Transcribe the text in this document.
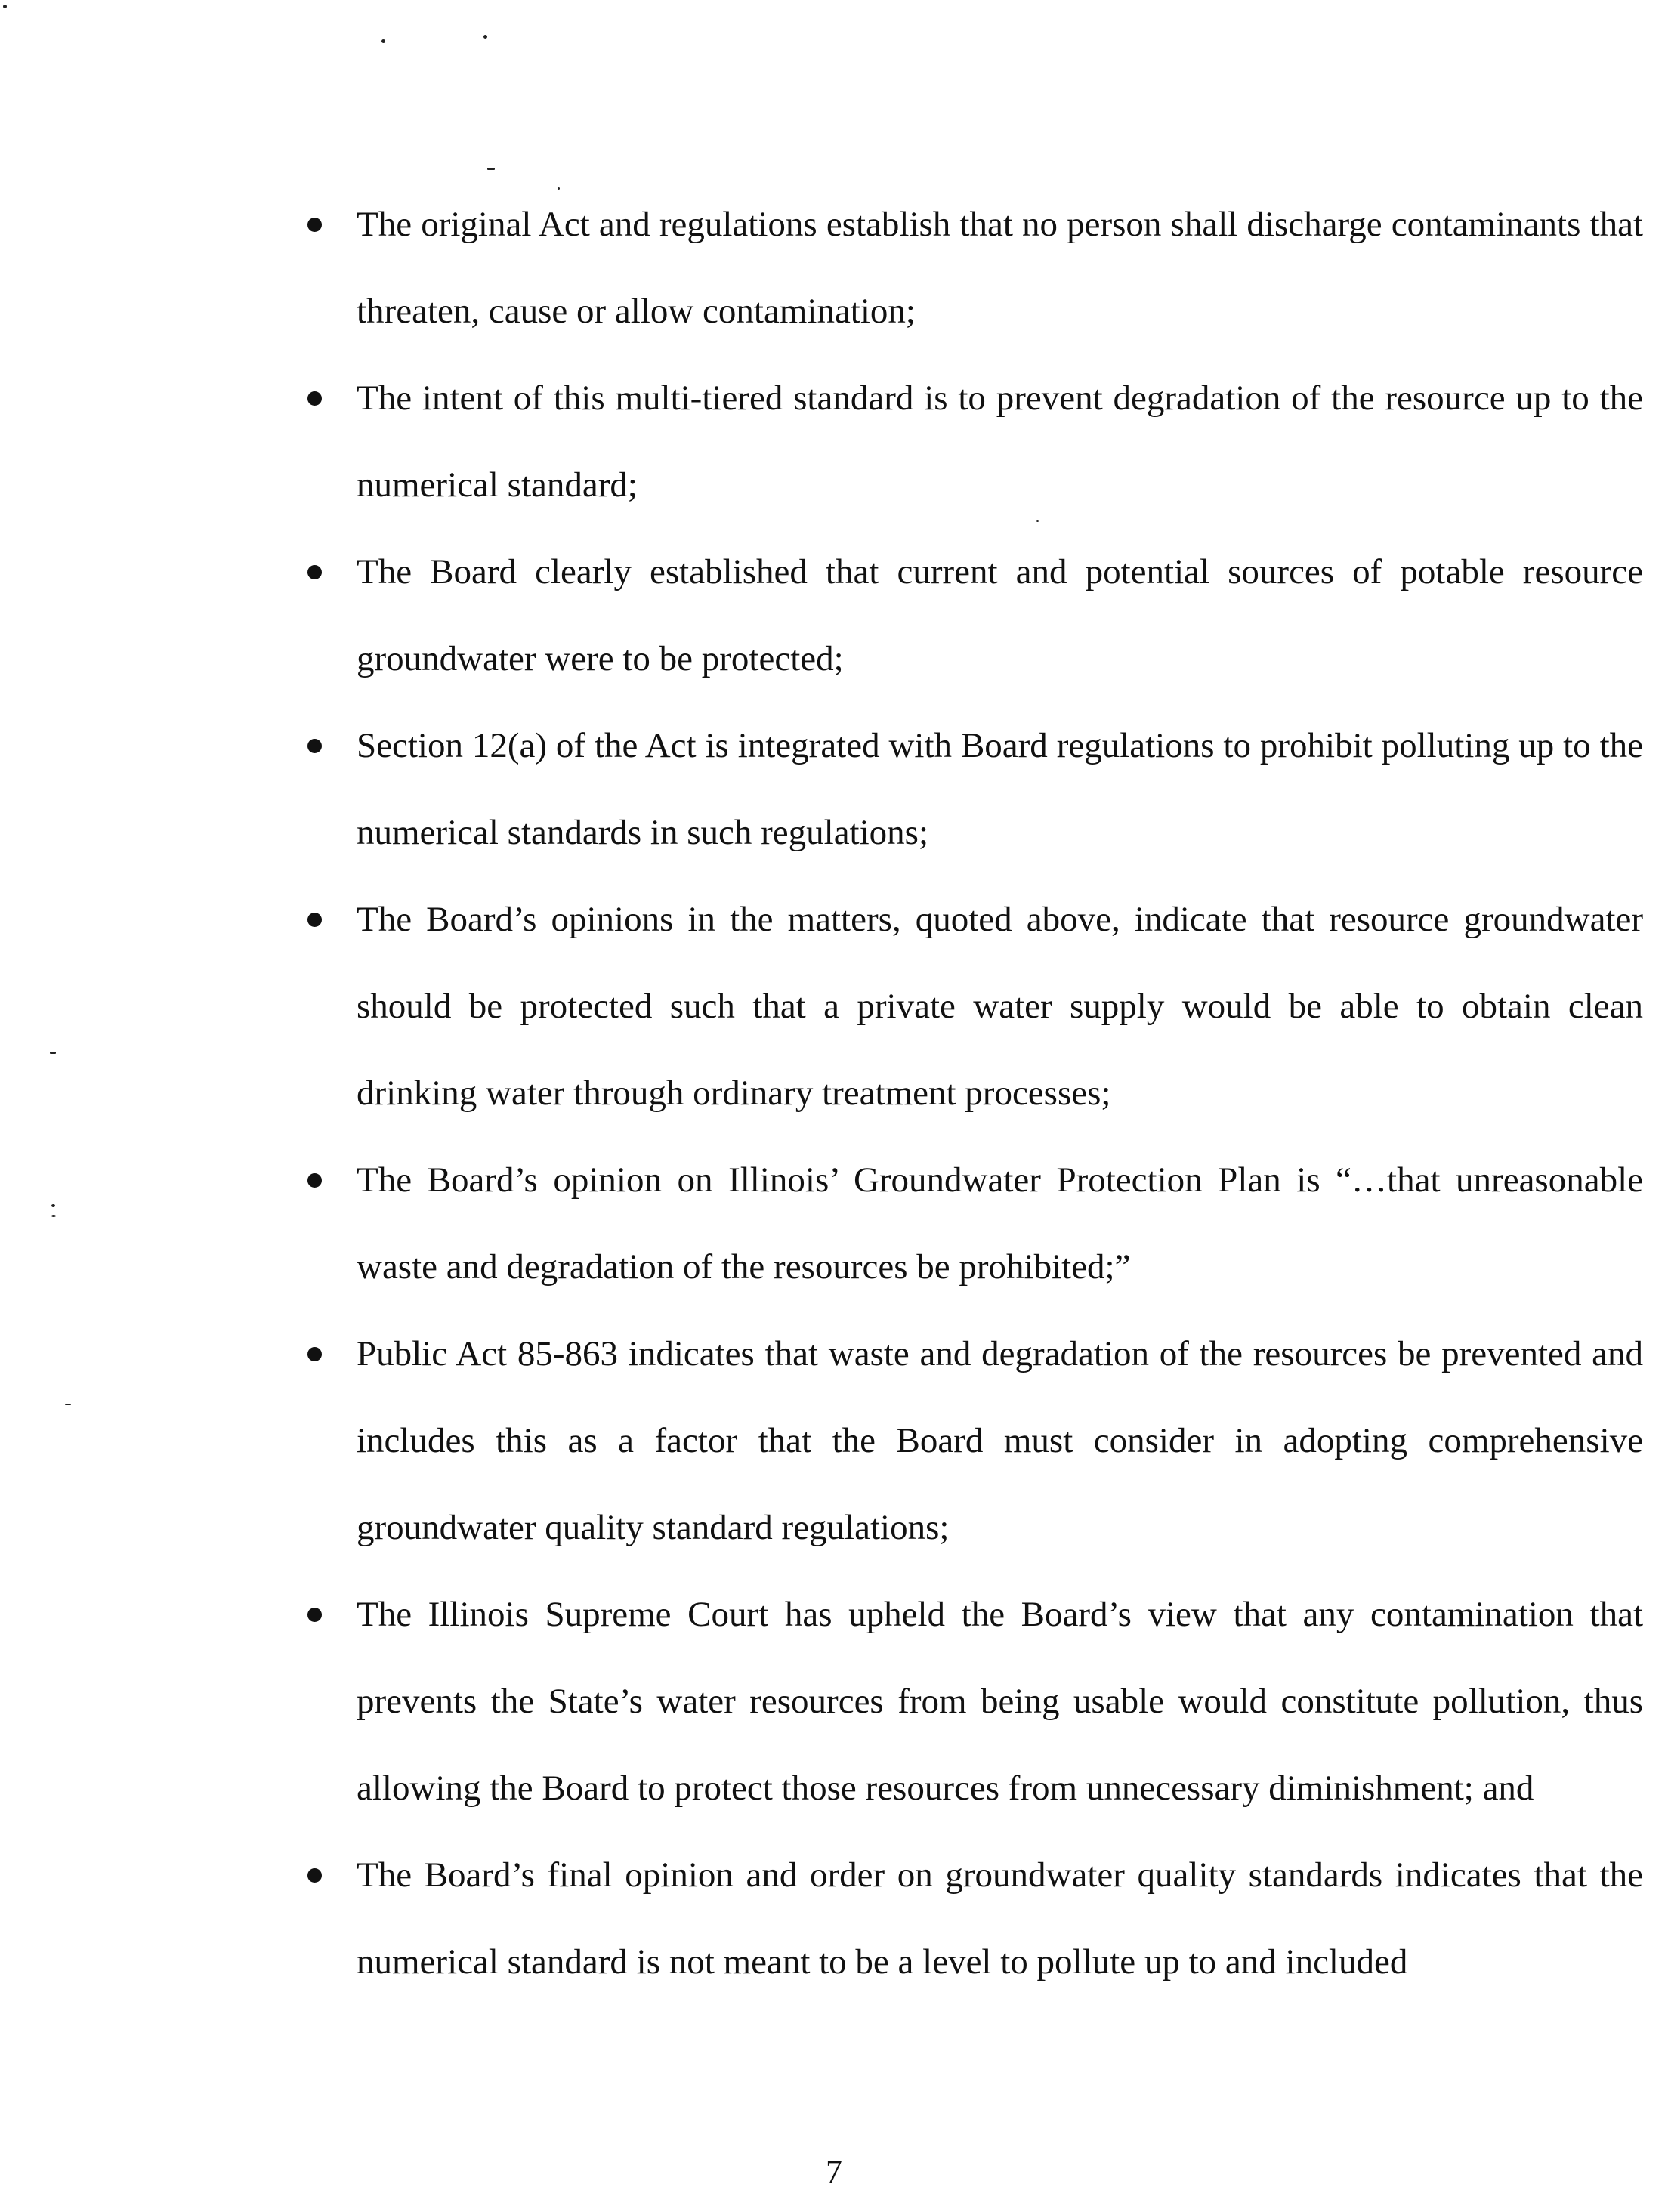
The original Act and regulations establish that no person shall discharge contaminants that threaten, cause or allow contamination;
The intent of this multi-tiered standard is to prevent degradation of the resource up to the numerical standard;
The Board clearly established that current and potential sources of potable resource groundwater were to be protected;
Section 12(a) of the Act is integrated with Board regulations to prohibit polluting up to the numerical standards in such regulations;
The Board’s opinions in the matters, quoted above, indicate that resource groundwater should be protected such that a private water supply would be able to obtain clean drinking water through ordinary treatment processes;
The Board’s opinion on Illinois’ Groundwater Protection Plan is “…that unreasonable waste and degradation of the resources be prohibited;”
Public Act 85-863 indicates that waste and degradation of the resources be prevented and includes this as a factor that the Board must consider in adopting comprehensive groundwater quality standard regulations;
The Illinois Supreme Court has upheld the Board’s view that any contamination that prevents the State’s water resources from being usable would constitute pollution, thus allowing the Board to protect those resources from unnecessary diminishment; and
The Board’s final opinion and order on groundwater quality standards indicates that the numerical standard is not meant to be a level to pollute up to and included
7
